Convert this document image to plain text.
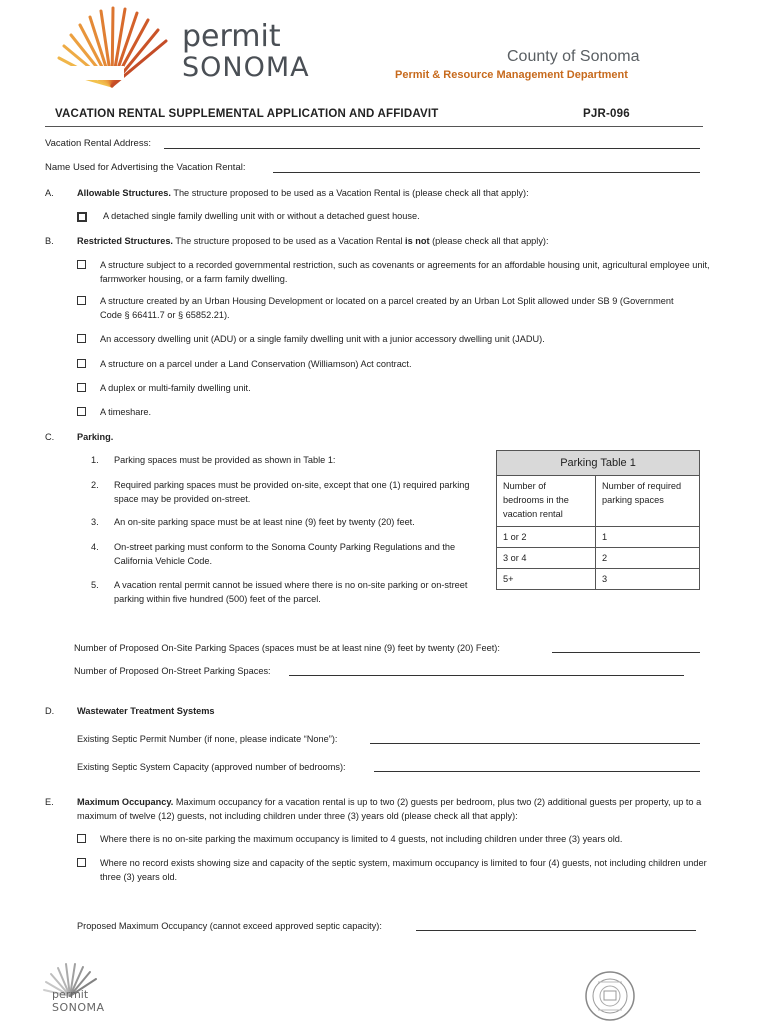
permit
SONOMA	County of Sonoma
Permit & Resource Management Department
VACATION RENTAL SUPPLEMENTAL APPLICATION AND AFFIDAVIT	PJR-096
Vacation Rental Address:
Name Used for Advertising the Vacation Rental:
A.	Allowable Structures. The structure proposed to be used as a Vacation Rental is (please check all that apply):
A detached single family dwelling unit with or without a detached guest house.
B.	Restricted Structures. The structure proposed to be used as a Vacation Rental is not (please check all that apply):
A structure subject to a recorded governmental restriction, such as covenants or agreements for an affordable housing unit, agricultural employee unit, farmworker housing, or a farm family dwelling.
A structure created by an Urban Housing Development or located on a parcel created by an Urban Lot Split allowed under SB 9 (Government Code § 66411.7 or § 65852.21).
An accessory dwelling unit (ADU) or a single family dwelling unit with a junior accessory dwelling unit (JADU).
A structure on a parcel under a Land Conservation (Williamson) Act contract.
A duplex or multi-family dwelling unit.
A timeshare.
C. Parking.
1. Parking spaces must be provided as shown in Table 1:
2. Required parking spaces must be provided on-site, except that one (1) required parking space may be provided on-street.
3. An on-site parking space must be at least nine (9) feet by twenty (20) feet.
4. On-street parking must conform to the Sonoma County Parking Regulations and the California Vehicle Code.
5. A vacation rental permit cannot be issued where there is no on-site parking or on-street parking within five hundred (500) feet of the parcel.
Parking Table 1	
Number of bedrooms in the vacation rental	Number of required parking spaces
1 or 2	1
3 or 4	2
5+	3
Number of Proposed On-Site Parking Spaces (spaces must be at least nine (9) feet by twenty (20) Feet):
Number of Proposed On-Street Parking Spaces:
D. Wastewater Treatment Systems
Existing Septic Permit Number (if none, please indicate “None”):
Existing Septic System Capacity (approved number of bedrooms):
E.	Maximum Occupancy. Maximum occupancy for a vacation rental is up to two (2) guests per bedroom, plus two (2) additional guests per property, up to a maximum of twelve (12) guests, not including children under three (3) years old (please check all that apply):
Where there is no on-site parking the maximum occupancy is limited to 4 guests, not including children under three (3) years old.
Where no record exists showing size and capacity of the septic system, maximum occupancy is limited to four (4) guests, not including children under three (3) years old.
Proposed Maximum Occupancy (cannot exceed approved septic capacity):
permit
SONOMA
